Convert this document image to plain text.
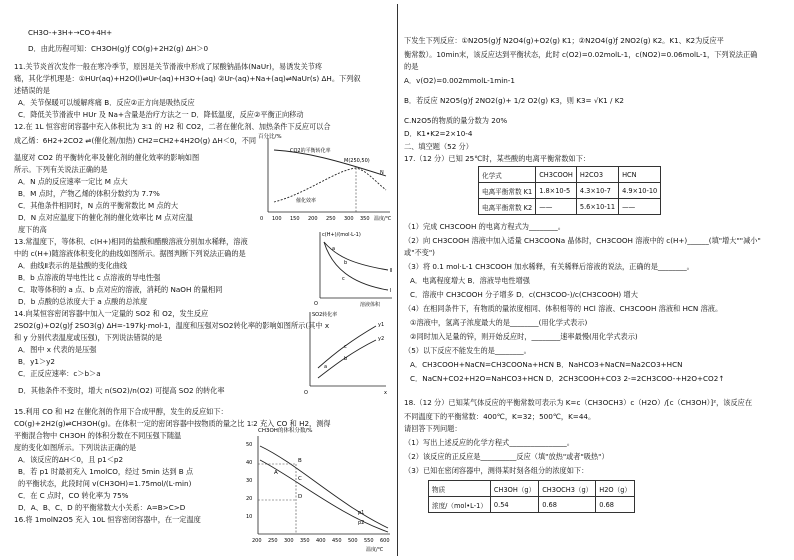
CH3O-+3H+→CO+4H+
D．由此历程可知：CH3OH(g)ƒ CO(g)+2H2(g) ΔH＞0
11.关节炎首次发作一般在寒冷季节，原因是关节滑液中形成了尿酸钠晶体(NaUr)，易诱发关节疼
痛，其化学机理是：①HUr(aq)+H2O(l)⇌Ur-(aq)+H3O+(aq) ②Ur-(aq)+Na+(aq)⇌NaUr(s) ΔH。下列叙
述错误的是
A．关节保暖可以缓解疼痛 B．反应②正方向是吸热反应
C．降低关节滑液中 HUr 及 Na+含量是治疗方法之一 D．降低温度，反应②平衡正向移动
12.在 1L 恒容密闭容器中充入体积比为 3∶1 的 H2 和 CO2，二者在催化剂、加热条件下反应可以合
成乙烯：6H2+2CO2 ⇌(催化剂/加热) CH2=CH2+4H2O(g) ΔH＜0，不同
温度对 CO2 的平衡转化率及催化剂的催化效率的影响如图
所示。下列有关说法正确的是
A．N 点的反应速率一定比 M 点大
B．M 点时，产物乙烯的体积分数约为 7.7%
C．其他条件相同时，N 点的平衡常数比 M 点的大
D．N 点对应温度下的催化剂的催化效率比 M 点对应温
度下的高
13.常温度下，等体积、c(H+)相同的盐酸和醋酸溶液分别加水稀释，溶液
中的 c(H+)随溶液体积变化的曲线如图所示。据图判断下列说法正确的是
A．曲线Ⅱ表示的是盐酸的变化曲线
B．b 点溶液的导电性比 c 点溶液的导电性强
C．取等体积的 a 点、b 点对应的溶液，消耗的 NaOH 的量相同
D．b 点酸的总浓度大于 a 点酸的总浓度
14.向某恒容密闭容器中加入一定量的 SO2 和 O2，发生反应
2SO2(g)+O2(g)ƒ 2SO3(g) ΔH=-197kJ·mol-1，温度和压强对SO2转化率的影响如图所示(其中 x
和 y 分别代表温度或压强)，下列说法错误的是
A．图中 x 代表的是压强
B．y1＞y2
C．正反应速率：c＞b＞a
D．其他条件不变时，增大 n(SO2)/n(O2) 可提高 SO2 的转化率
15.利用 CO 和 H2 在催化剂的作用下合成甲醇，发生的反应如下：
CO(g)+2H2(g)⇌CH3OH(g)。在体积一定的密闭容器中按物质的量之比 1∶2 充入 CO 和 H2，测得
平衡混合物中 CH3OH 的体积分数在不同压强下随温
度的变化如图所示。下列说法正确的是
A．该反应的ΔH＜0，且 p1＜p2
B．若 p1 时最初充入 1molCO，经过 5min 达到 B 点
的平衡状态，此段时间 v(CH3OH)=1.75mol/(L·min)
C．在 C 点时，CO 转化率为 75%
D．A、B、C、D 的平衡常数大小关系：A=B>C>D
16.将 1molN2O5 充入 10L 恒容密闭容器中，在一定温度
百分比/%
CO2的平衡转化率
催化效率
M(250,50)
N
0 100 150 200 250 300 350 温度/℃
c(H+)/(mol·L-1)
Ⅰ
Ⅱ
a
b
c
O	溶液体积
SO2转化率
y1
y2
a
b
c
O	x
CH3OH的体积分数/%
50
40
30
20
10
A
B
C
D
p1
p2
200 250 300 350 400 450 500 550 600
温度/℃
下发生下列反应：①N2O5(g)ƒ N2O4(g)+O2(g) K1；②N2O4(g)ƒ 2NO2(g) K2。K1、K2为反应平
衡常数）。10min末，该反应达到平衡状态，此时 c(O2)=0.02molL-1，c(NO2)=0.06molL-1，下列说法正确
的是
A．v(O2)=0.002mmolL-1min-1
B．若反应 N2O5(g)ƒ 2NO2(g)+ 1/2 O2(g) K3，则 K3= √K1 / K2
C.N2O5的物质的量分数为 20%
D．K1•K2=2×10-4
二、填空题（52 分）
17.（12 分）已知 25℃时，某些酸的电离平衡常数如下：
化学式	CH3COOH	H2CO3	HCN
电离平衡常数 K1	1.8×10-5	4.3×10-7	4.9×10-10
电离平衡常数 K2	——	5.6×10-11	——
（1）完成 CH3COOH 的电离方程式为________。
（2）向 CH3COOH 溶液中加入适量 CH3COONa 晶体时，CH3COOH 溶液中的 c(H+)______(填"增大""减小"
或"不变")
（3）将 0.1 mol·L-1 CH3COOH 加水稀释，有关稀释后溶液的说法，正确的是________。
A．电离程度增大 B．溶液导电性增强
C．溶液中 CH3COOH 分子增多 D．c(CH3COO-)/c(CH3COOH) 增大
（4）在相同条件下，有物质的量浓度相同、体积相等的 HCl 溶液、CH3COOH 溶液和 HCN 溶液。
①溶液中，氢离子浓度最大的是________(用化学式表示)
②同时加入足量的锌，则开始反应时，________速率最慢(用化学式表示)
（5）以下反应不能发生的是________。
A．CH3COOH+NaCN=CH3COONa+HCN B．NaHCO3+NaCN=Na2CO3+HCN
C．NaCN+CO2+H2O=NaHCO3+HCN D．2CH3COOH+CO3 2-=2CH3COO-+H2O+CO2↑
18.（12 分）已知某气体反应的平衡常数可表示为 K=c（CH3OCH3）c（H2O）/[c（CH3OH）]²，该反应在
不同温度下的平衡常数：400℃，K=32；500℃，K=44。
请回答下列问题：
（1）写出上述反应的化学方程式________________。
（2）该反应的正反应是__________反应（填"放热"或者"吸热"）
（3）已知在密闭容器中，测得某时刻各组分的浓度如下：
物质	CH3OH（g）	CH3OCH3（g）	H2O（g）
浓度/（mol•L-1）	0.54	0.68	0.68
